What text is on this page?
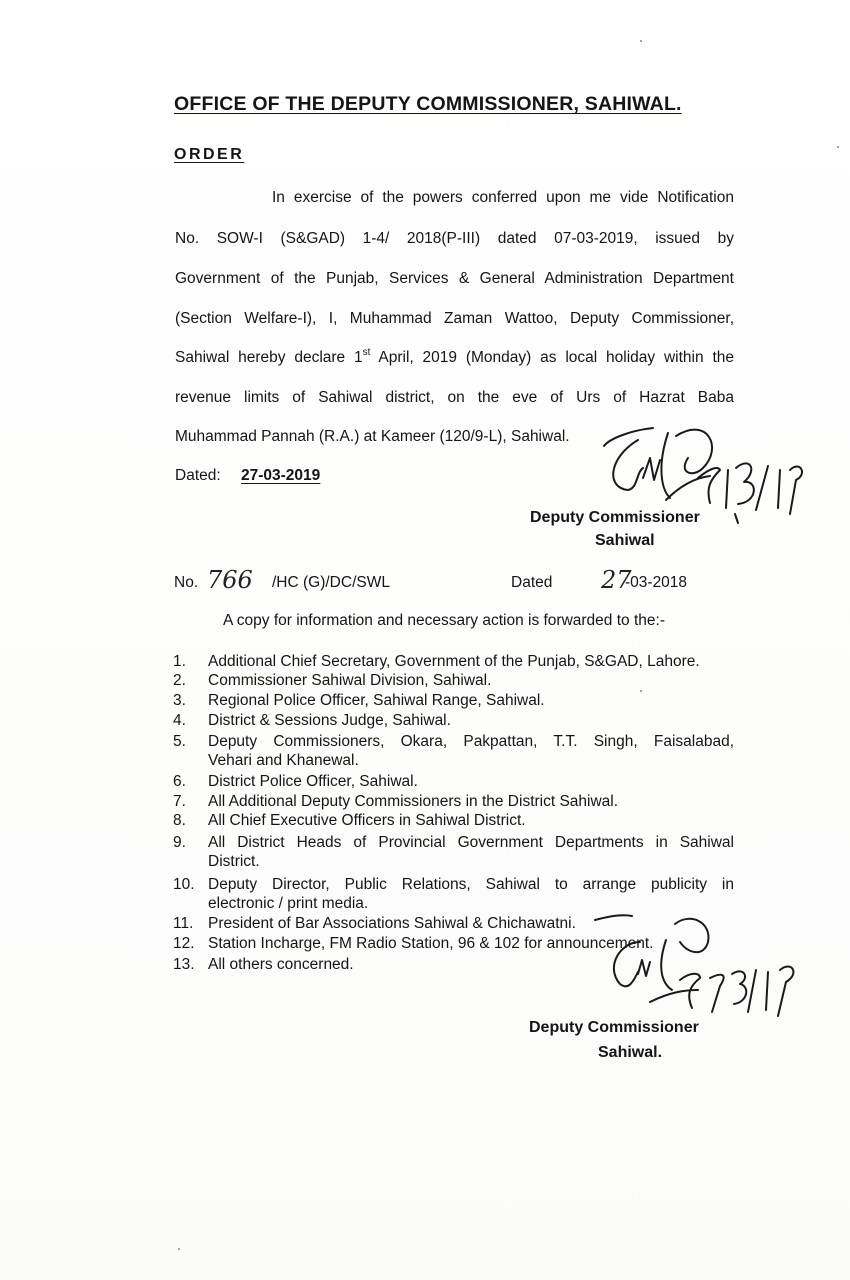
OFFICE OF THE DEPUTY COMMISSIONER, SAHIWAL.
ORDER
In exercise of the powers conferred upon me vide Notification
No. SOW-I (S&GAD) 1-4/ 2018(P-III) dated 07-03-2019, issued by
Government of the Punjab, Services & General Administration Department
(Section Welfare-I), I, Muhammad Zaman Wattoo, Deputy Commissioner,
Sahiwal hereby declare 1st April, 2019 (Monday) as local holiday within the
revenue limits of Sahiwal district, on the eve of Urs of Hazrat Baba
Muhammad Pannah (R.A.) at Kameer (120/9-L), Sahiwal.
Dated: 27-03-2019
Deputy Commissioner
Sahiwal
No. 766 /HC (G)/DC/SWL	Dated 27
-03-2018
A copy for information and necessary action is forwarded to the:-
1. Additional Chief Secretary, Government of the Punjab, S&GAD, Lahore.
2. Commissioner Sahiwal Division, Sahiwal.
3. Regional Police Officer, Sahiwal Range, Sahiwal.
4. District & Sessions Judge, Sahiwal.
5. Deputy Commissioners, Okara, Pakpattan, T.T. Singh, Faisalabad,
Vehari and Khanewal.
6. District Police Officer, Sahiwal.
7. All Additional Deputy Commissioners in the District Sahiwal.
8. All Chief Executive Officers in Sahiwal District.
9. All District Heads of Provincial Government Departments in Sahiwal
District.
10. Deputy Director, Public Relations, Sahiwal to arrange publicity in
electronic / print media.
11. President of Bar Associations Sahiwal & Chichawatni.
12. Station Incharge, FM Radio Station, 96 & 102 for announcement.
13. All others concerned.
Deputy Commissioner
Sahiwal.
